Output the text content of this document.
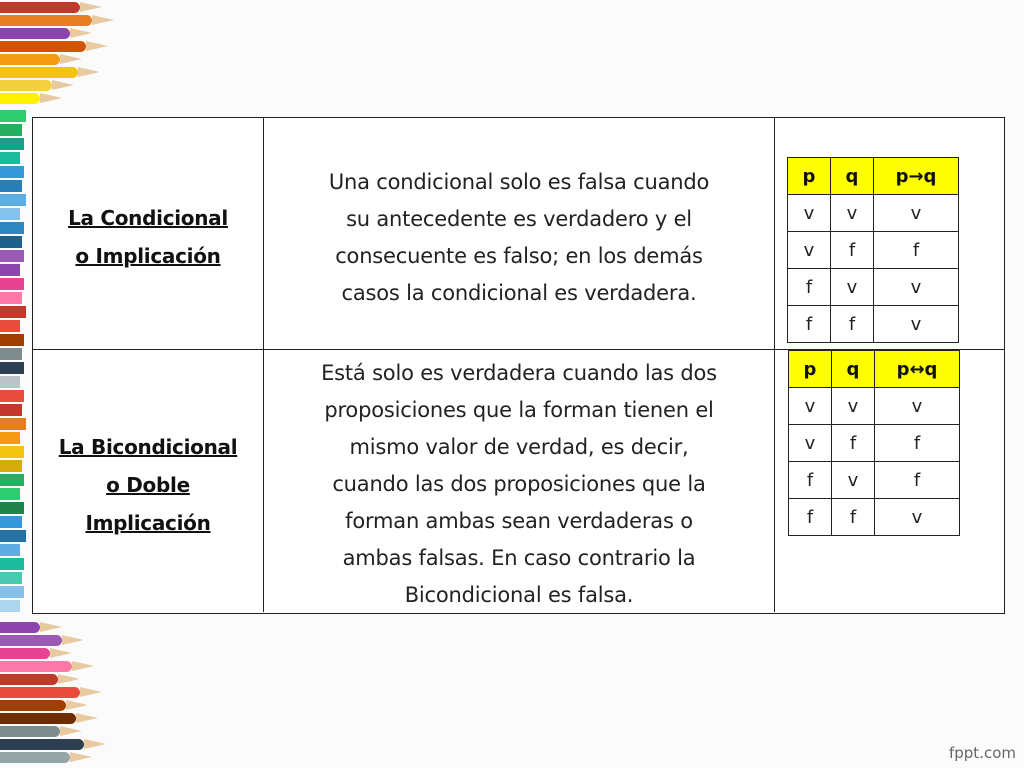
La Condicional
o Implicación
Una condicional solo es falsa cuando
su antecedente es verdadero y el
consecuente es falso; en los demás
casos la condicional es verdadera.
p	q	p→q
v	v	v
v	f	f
f	v	v
f	f	v
La Bicondicional
o Doble
Implicación
Está solo es verdadera cuando las dos
proposiciones que la forman tienen el
mismo valor de verdad, es decir,
cuando las dos proposiciones que la
forman ambas sean verdaderas o
ambas falsas. En caso contrario la
Bicondicional es falsa.
p	q	p↔q
v	v	v
v	f	f
f	v	f
f	f	v
fppt.com
